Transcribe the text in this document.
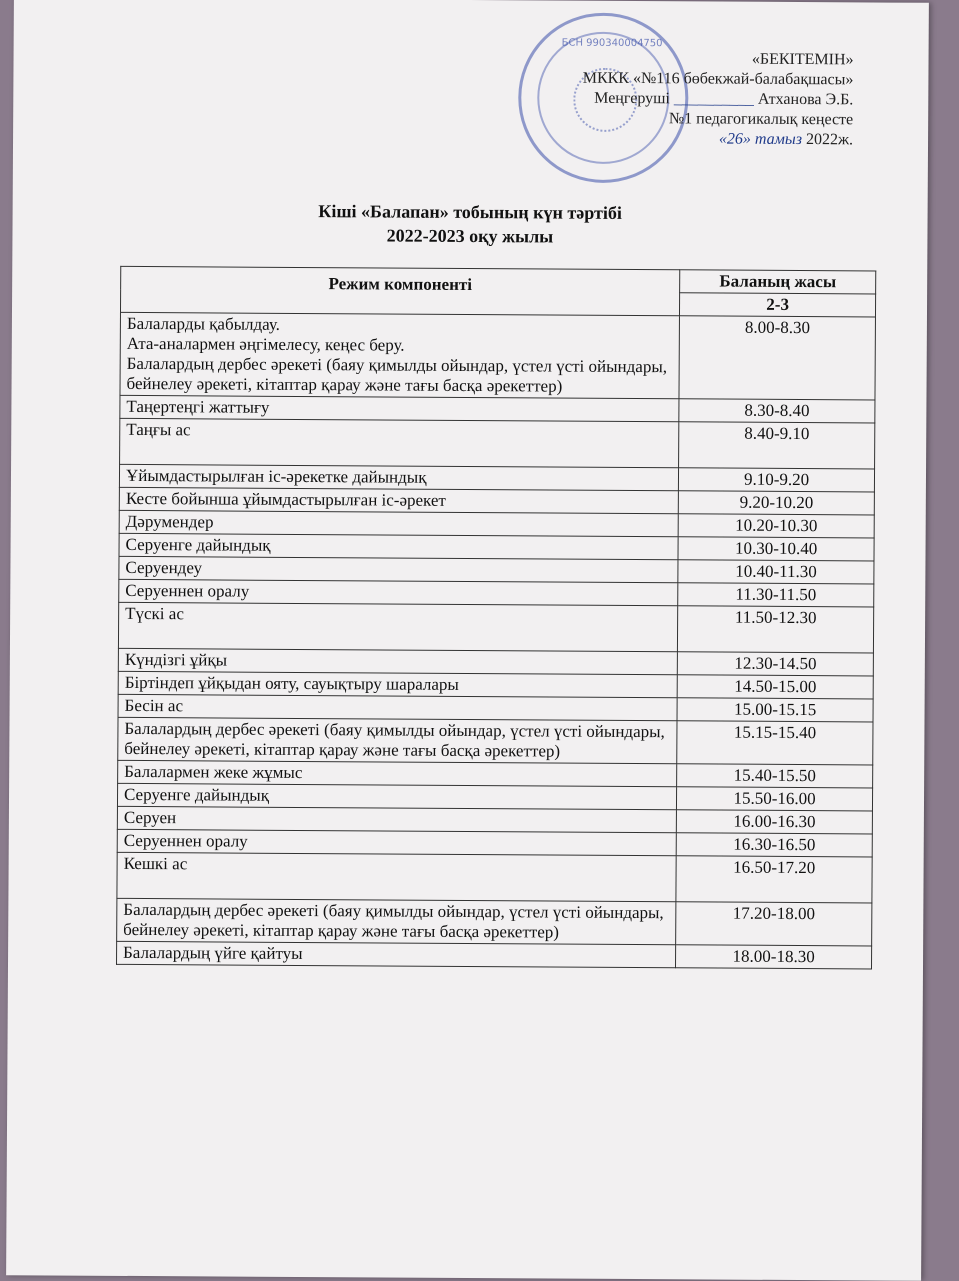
БСН 990340004750
«БЕКІТЕМІН»
МККК «№116 бөбекжай-балабақшасы»
Меңгеруші __________ Атханова Э.Б.
№1 педагогикалық кеңесте
«26» тамыз 2022ж.
Кіші «Балапан» тобының күн тәртібі
2022-2023 оқу жылы
Режим компоненті	Баланың жасы
	2-3
Балаларды қабылдау.
Ата-аналармен әңгімелесу, кеңес беру.
Балалардың дербес әрекеті (баяу қимылды ойындар, үстел үсті ойындары, бейнелеу әрекеті, кітаптар қарау және тағы басқа әрекеттер)	8.00-8.30
Таңертеңгі жаттығу	8.30-8.40
Таңғы ас	8.40-9.10
Ұйымдастырылған іс-әрекетке дайындық	9.10-9.20
Кесте бойынша ұйымдастырылған іс-әрекет	9.20-10.20
Дәрумендер	10.20-10.30
Серуенге дайындық	10.30-10.40
Серуендеу	10.40-11.30
Серуеннен оралу	11.30-11.50
Түскі ас	11.50-12.30
Күндізгі ұйқы	12.30-14.50
Біртіндеп ұйқыдан ояту, сауықтыру шаралары	14.50-15.00
Бесін ас	15.00-15.15
Балалардың дербес әрекеті (баяу қимылды ойындар, үстел үсті ойындары, бейнелеу әрекеті, кітаптар қарау және тағы басқа әрекеттер)	15.15-15.40
Балалармен жеке жұмыс	15.40-15.50
Серуенге дайындық	15.50-16.00
Серуен	16.00-16.30
Серуеннен оралу	16.30-16.50
Кешкі ас	16.50-17.20
Балалардың дербес әрекеті (баяу қимылды ойындар, үстел үсті ойындары, бейнелеу әрекеті, кітаптар қарау және тағы басқа әрекеттер)	17.20-18.00
Балалардың үйге қайтуы	18.00-18.30
